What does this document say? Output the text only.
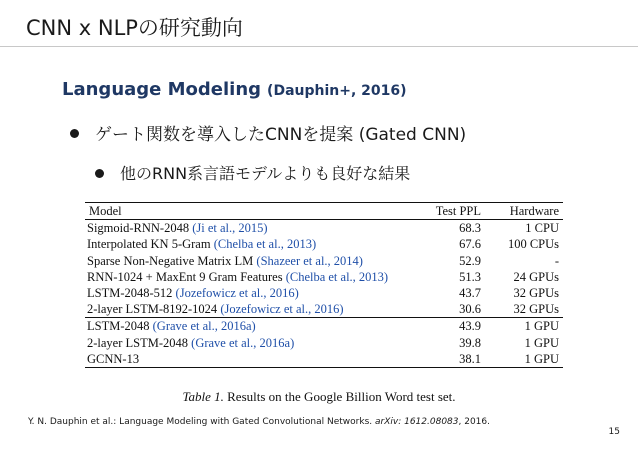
CNN x NLPの研究動向
Language Modeling (Dauphin+, 2016)
ゲート関数を導入したCNNを提案 (Gated CNN)
他のRNN系言語モデルよりも良好な結果
Model	Test PPL	Hardware
Sigmoid-RNN-2048 (Ji et al., 2015)	68.3	1 CPU
Interpolated KN 5-Gram (Chelba et al., 2013)	67.6	100 CPUs
Sparse Non-Negative Matrix LM (Shazeer et al., 2014)	52.9	-
RNN-1024 + MaxEnt 9 Gram Features (Chelba et al., 2013)	51.3	24 GPUs
LSTM-2048-512 (Jozefowicz et al., 2016)	43.7	32 GPUs
2-layer LSTM-8192-1024 (Jozefowicz et al., 2016)	30.6	32 GPUs
LSTM-2048 (Grave et al., 2016a)	43.9	1 GPU
2-layer LSTM-2048 (Grave et al., 2016a)	39.8	1 GPU
GCNN-13	38.1	1 GPU
Table 1. Results on the Google Billion Word test set.
Y. N. Dauphin et al.: Language Modeling with Gated Convolutional Networks. arXiv: 1612.08083, 2016.
15
